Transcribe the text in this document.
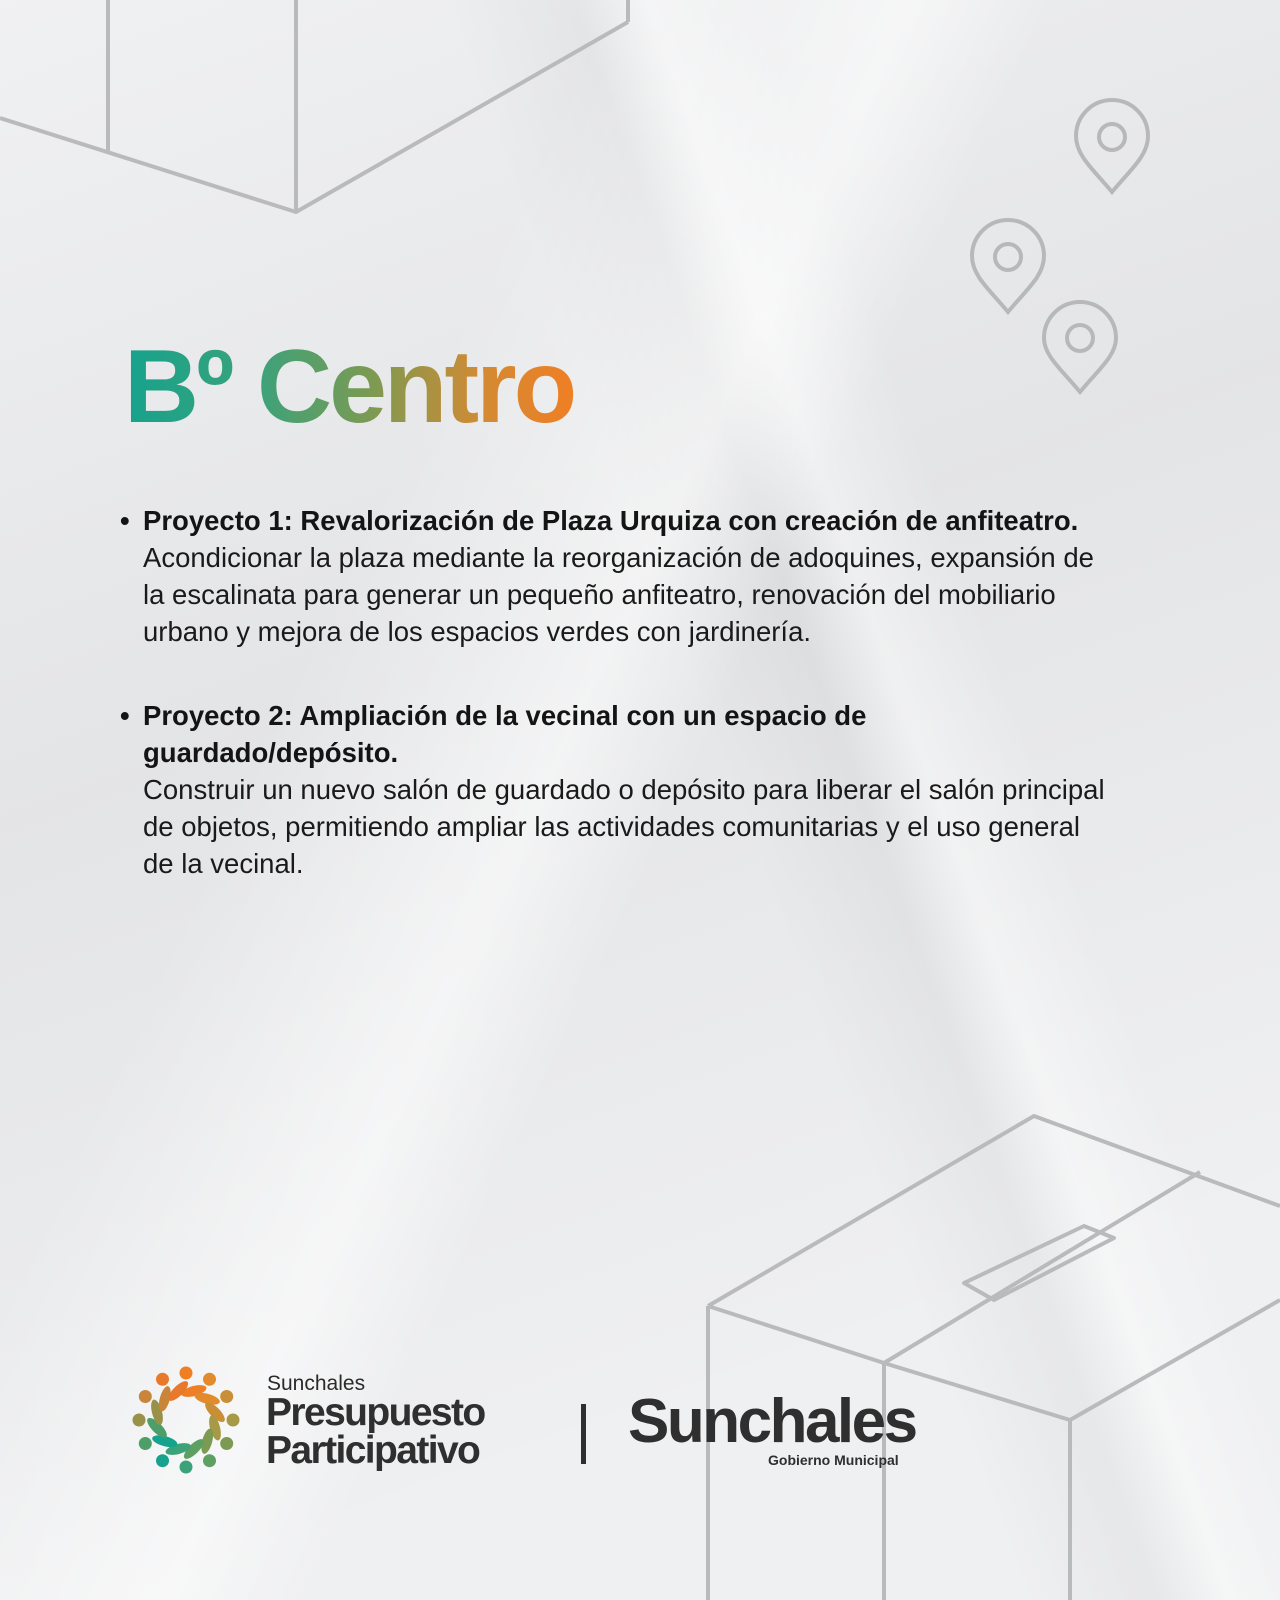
Bº Centro
• Proyecto 1: Revalorización de Plaza Urquiza con creación de anfiteatro.
Acondicionar la plaza mediante la reorganización de adoquines, expansión de la escalinata para generar un pequeño anfiteatro, renovación del mobiliario urbano y mejora de los espacios verdes con jardinería.
• Proyecto 2: Ampliación de la vecinal con un espacio de guardado/depósito.
Construir un nuevo salón de guardado o depósito para liberar el salón principal de objetos, permitiendo ampliar las actividades comunitarias y el uso general de la vecinal.
Sunchales
Presupuesto
Participativo Sunchales
Gobierno Municipal
